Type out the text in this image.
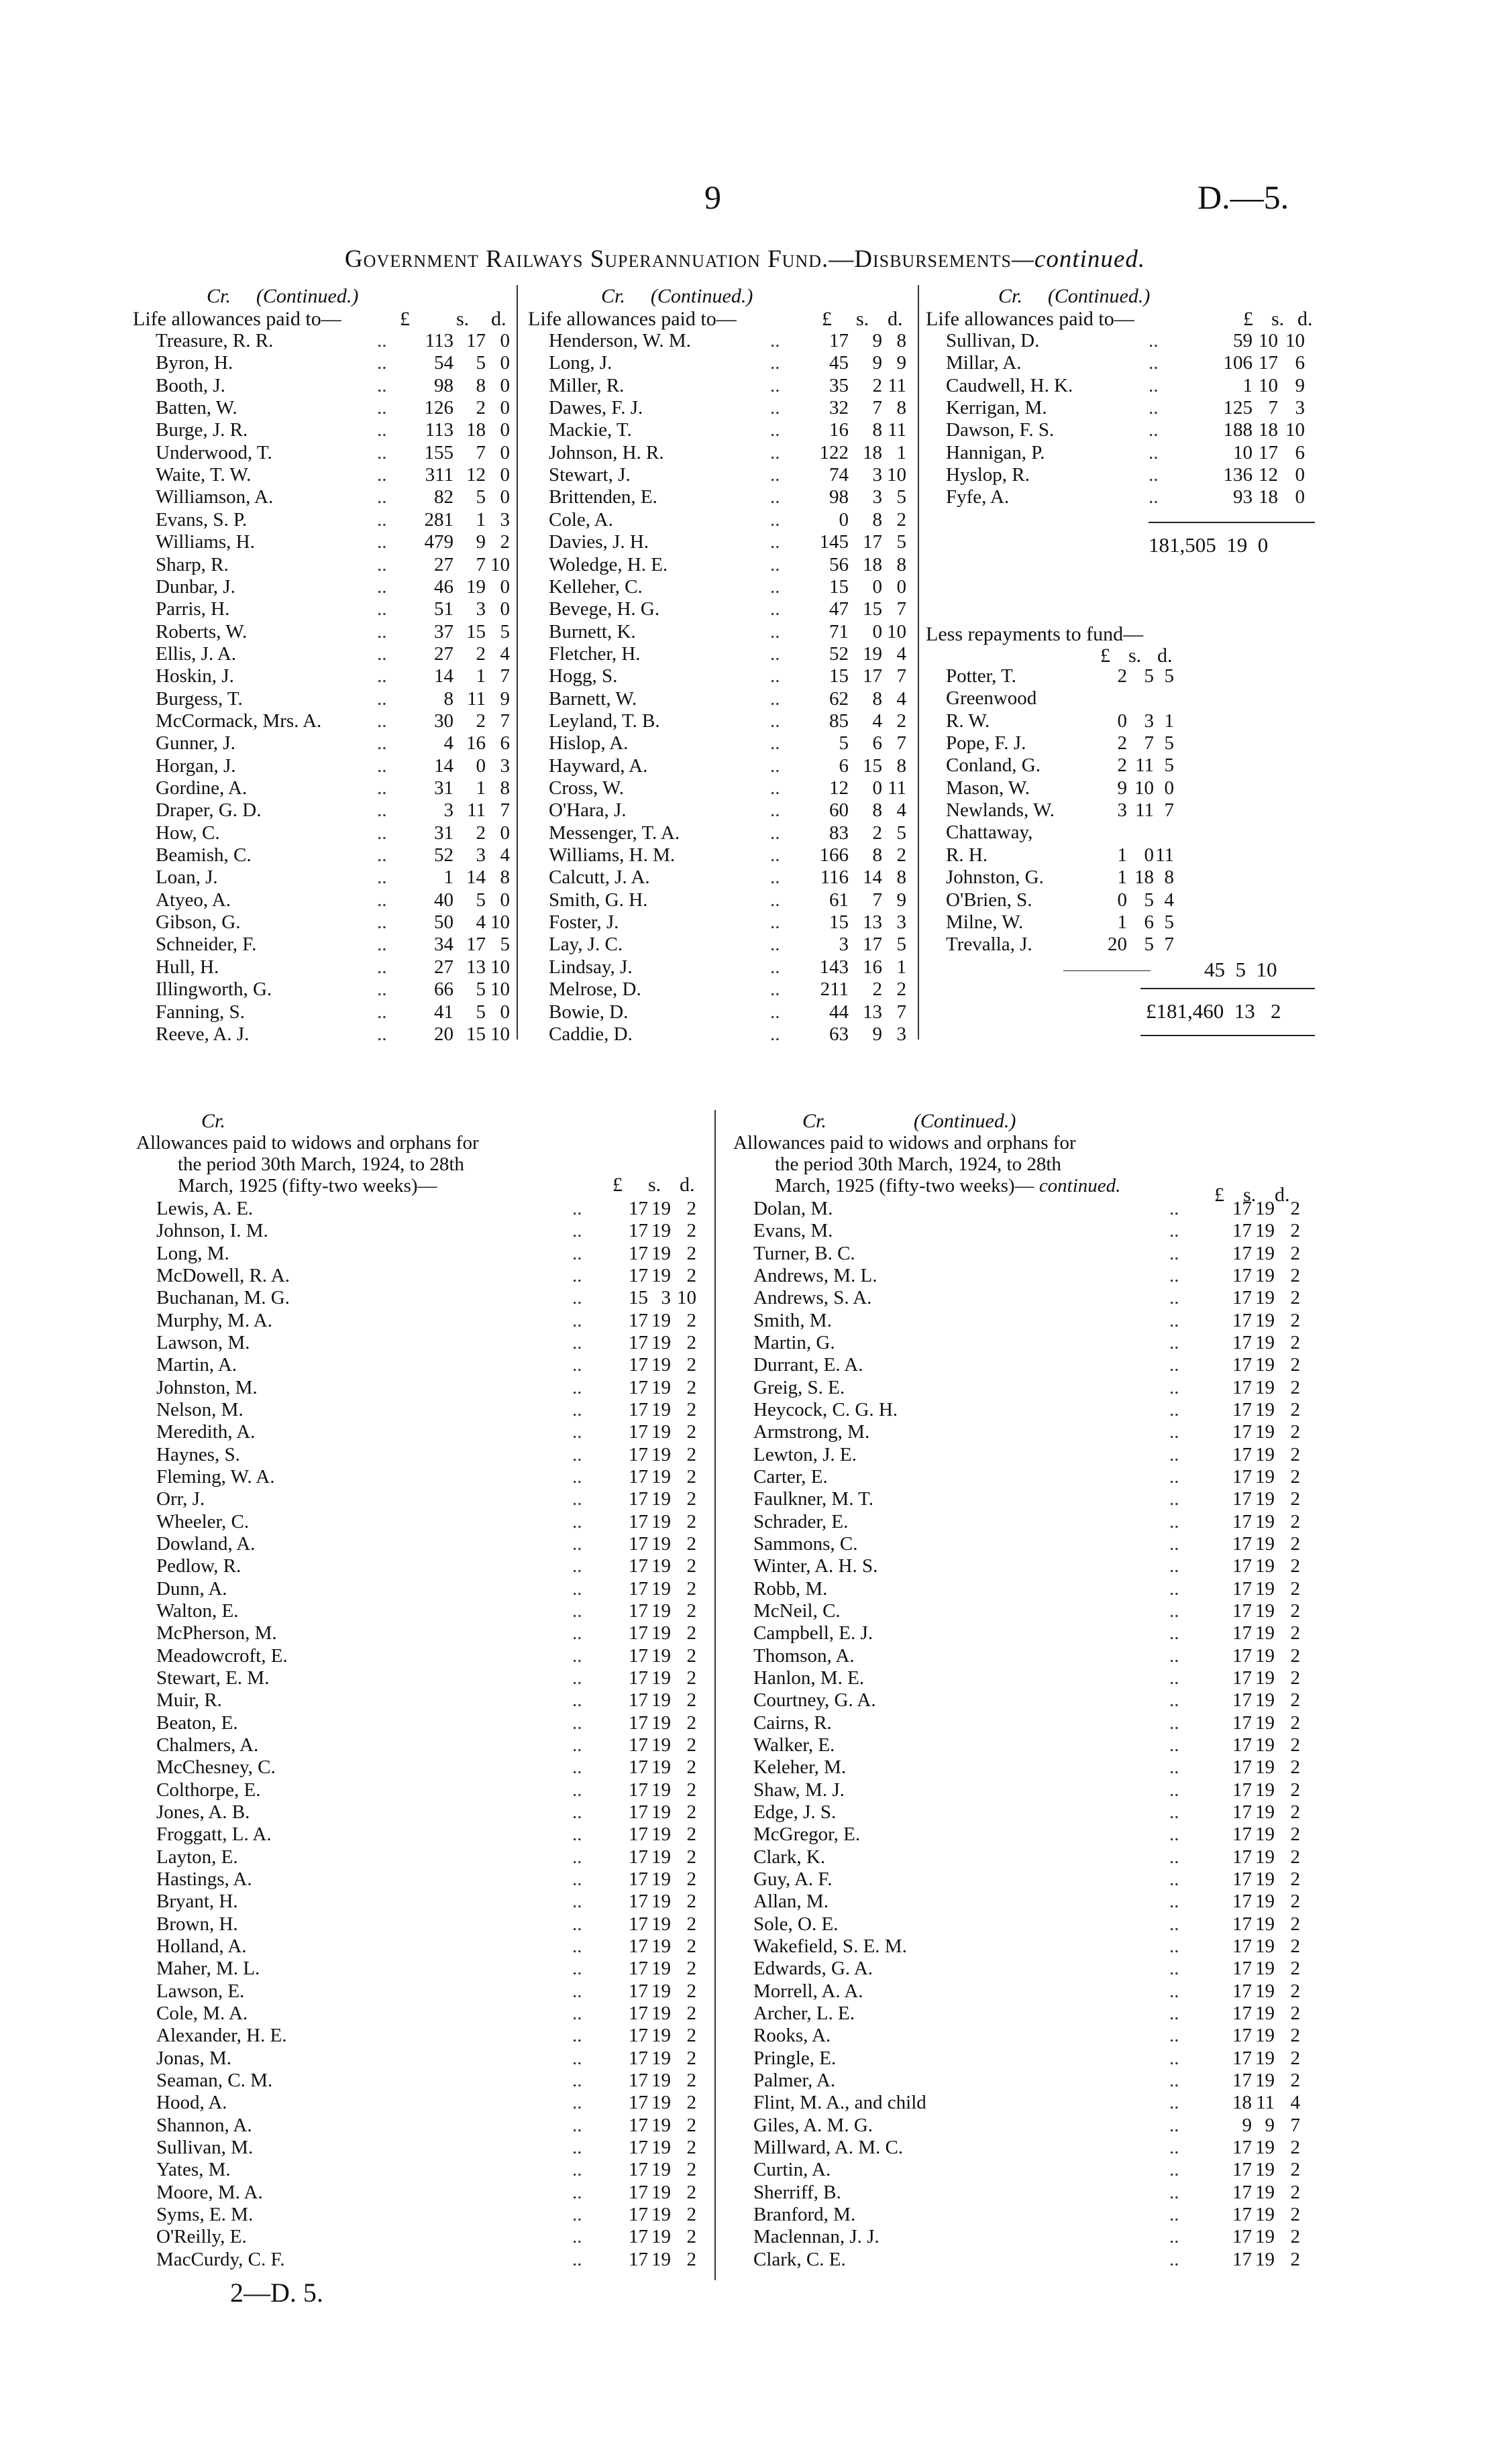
9	D.—5.
Government Railways Superannuation Fund.—Disbursements—continued.
Cr. (Continued.)	Cr. (Continued.)	Cr. (Continued.)
Life allowances paid to—	Life allowances paid to—	Life allowances paid to—
£ s. d.	£ s. d.	£ s. d.
Treasure, R. R.	.. 113 17 0
Byron, H.	.. 54 5 0
Booth, J.	.. 98 8 0
Batten, W.	.. 126 2 0
Burge, J. R.	.. 113 18 0
Underwood, T.	.. 155 7 0
Waite, T. W.	.. 311 12 0
Williamson, A.	.. 82 5 0
Evans, S. P.	.. 281 1 3
Williams, H.	.. 479 9 2
Sharp, R.	.. 27 7 10
Dunbar, J.	.. 46 19 0
Parris, H.	.. 51 3 0
Roberts, W.	.. 37 15 5
Ellis, J. A.	.. 27 2 4
Hoskin, J.	.. 14 1 7
Burgess, T.	..	8 11 9
McCormack, Mrs. A.	.. 30 2 7
Gunner, J.	..	4 16 6
Horgan, J.	.. 14 0 3
Gordine, A.	.. 31 1 8
Draper, G. D.	..	3 11 7
How, C.	.. 31 2 0
Beamish, C.	.. 52 3 4
Loan, J.	..	1 14 8
Atyeo, A.	.. 40 5 0
Gibson, G.	.. 50 4 10
Schneider, F.	.. 34 17 5
Hull, H.	.. 27 13 10
Illingworth, G.	.. 66 5 10
Fanning, S.	.. 41 5 0
Reeve, A. J.	.. 20 15 10
Henderson, W. M.	..	17 9 8
Long, J.	..	45 9 9
Miller, R.	..	35 2 11
Dawes, F. J.	..	32 7 8
Mackie, T.	..	16 8 11
Johnson, H. R.	.. 122 18 1
Stewart, J.	..	74 3 10
Brittenden, E.	..	98 3 5
Cole, A.	..	0 8 2
Davies, J. H.	.. 145 17 5
Woledge, H. E.	..	56 18 8
Kelleher, C.	..	15 0 0
Bevege, H. G.	..	47 15 7
Burnett, K.	..	71 0 10
Fletcher, H.	..	52 19 4
Hogg, S.	..	15 17 7
Barnett, W.	..	62 8 4
Leyland, T. B.	..	85 4 2
Hislop, A.	..	5 6 7
Hayward, A.	..	6 15 8
Cross, W.	..	12 0 11
O'Hara, J.	..	60 8 4
Messenger, T. A.	..	83 2 5
Williams, H. M.	.. 166 8 2
Calcutt, J. A.	.. 116 14 8
Smith, G. H.	..	61 7 9
Foster, J.	..	15 13 3
Lay, J. C.	..	3 17 5
Lindsay, J.	.. 143 16 1
Melrose, D.	.. 211 2 2
Bowie, D.	..	44 13 7
Caddie, D.	..	63 9 3
Sullivan, D.	..	59 10 10
Millar, A.	..	106 17 6
Caudwell, H. K.	..	1 10 9
Kerrigan, M.	..	125 7 3
Dawson, F. S.	..	188 18 10
Hannigan, P.	..	10 17 6
Hyslop, R.	..	136 12 0
Fyfe, A.	..	93 18 0
181,505 19 0
Less repayments to fund—
£ s. d.
Potter, T.	2 5 5
Greenwood
R. W.	0 3 1
Pope, F. J.	2 7 5
Conland, G.	2 11 5
Mason, W.	9 10 0
Newlands, W.	3 11 7
Chattaway,
R. H.	1 0 11
Johnston, G.	1 18 8
O'Brien, S.	0 5 4
Milne, W.	1 6 5
Trevalla, J.	20 5 7
45 5 10
£181,460 13 2
Cr.	Cr.	(Continued.)
Allowances paid to widows and orphans for
the period 30th March, 1924, to 28th
March, 1925 (fifty-two weeks)—
Allowances paid to widows and orphans for
the period 30th March, 1924, to 28th
March, 1925 (fifty-two weeks)— continued.
£ s. d.	£ s. d.
Lewis, A. E.	.. 17 19 2
Johnson, I. M.	.. 17 19 2
Long, M.	.. 17 19 2
McDowell, R. A.	.. 17 19 2
Buchanan, M. G.	.. 15 3 10
Murphy, M. A.	.. 17 19 2
Lawson, M.	.. 17 19 2
Martin, A.	.. 17 19 2
Johnston, M.	.. 17 19 2
Nelson, M.	.. 17 19 2
Meredith, A.	.. 17 19 2
Haynes, S.	.. 17 19 2
Fleming, W. A.	.. 17 19 2
Orr, J.	.. 17 19 2
Wheeler, C.	.. 17 19 2
Dowland, A.	.. 17 19 2
Pedlow, R.	.. 17 19 2
Dunn, A.	.. 17 19 2
Walton, E.	.. 17 19 2
McPherson, M.	.. 17 19 2
Meadowcroft, E.	.. 17 19 2
Stewart, E. M.	.. 17 19 2
Muir, R.	.. 17 19 2
Beaton, E.	.. 17 19 2
Chalmers, A.	.. 17 19 2
McChesney, C.	.. 17 19 2
Colthorpe, E.	.. 17 19 2
Jones, A. B.	.. 17 19 2
Froggatt, L. A.	.. 17 19 2
Layton, E.	.. 17 19 2
Hastings, A.	.. 17 19 2
Bryant, H.	.. 17 19 2
Brown, H.	.. 17 19 2
Holland, A.	.. 17 19 2
Maher, M. L.	.. 17 19 2
Lawson, E.	.. 17 19 2
Cole, M. A.	.. 17 19 2
Alexander, H. E.	.. 17 19 2
Jonas, M.	.. 17 19 2
Seaman, C. M.	.. 17 19 2
Hood, A.	.. 17 19 2
Shannon, A.	.. 17 19 2
Sullivan, M.	.. 17 19 2
Yates, M.	.. 17 19 2
Moore, M. A.	.. 17 19 2
Syms, E. M.	.. 17 19 2
O'Reilly, E.	.. 17 19 2
MacCurdy, C. F.	.. 17 19 2
Dolan, M.	..	17 19 2
Evans, M.	..	17 19 2
Turner, B. C.	..	17 19 2
Andrews, M. L.	..	17 19 2
Andrews, S. A.	..	17 19 2
Smith, M.	..	17 19 2
Martin, G.	..	17 19 2
Durrant, E. A.	..	17 19 2
Greig, S. E.	..	17 19 2
Heycock, C. G. H.	..	17 19 2
Armstrong, M.	..	17 19 2
Lewton, J. E.	..	17 19 2
Carter, E.	..	17 19 2
Faulkner, M. T.	..	17 19 2
Schrader, E.	..	17 19 2
Sammons, C.	..	17 19 2
Winter, A. H. S.	..	17 19 2
Robb, M.	..	17 19 2
McNeil, C.	..	17 19 2
Campbell, E. J.	..	17 19 2
Thomson, A.	..	17 19 2
Hanlon, M. E.	..	17 19 2
Courtney, G. A.	..	17 19 2
Cairns, R.	..	17 19 2
Walker, E.	..	17 19 2
Keleher, M.	..	17 19 2
Shaw, M. J.	..	17 19 2
Edge, J. S.	..	17 19 2
McGregor, E.	..	17 19 2
Clark, K.	..	17 19 2
Guy, A. F.	..	17 19 2
Allan, M.	..	17 19 2
Sole, O. E.	..	17 19 2
Wakefield, S. E. M.	..	17 19 2
Edwards, G. A.	..	17 19 2
Morrell, A. A.	..	17 19 2
Archer, L. E.	..	17 19 2
Rooks, A.	..	17 19 2
Pringle, E.	..	17 19 2
Palmer, A.	..	17 19 2
Flint, M. A., and child	..	18 11 4
Giles, A. M. G.	..	9 9 7
Millward, A. M. C.	..	17 19 2
Curtin, A.	..	17 19 2
Sherriff, B.	..	17 19 2
Branford, M.	..	17 19 2
Maclennan, J. J.	..	17 19 2
Clark, C. E.	..	17 19 2
2—D. 5.
